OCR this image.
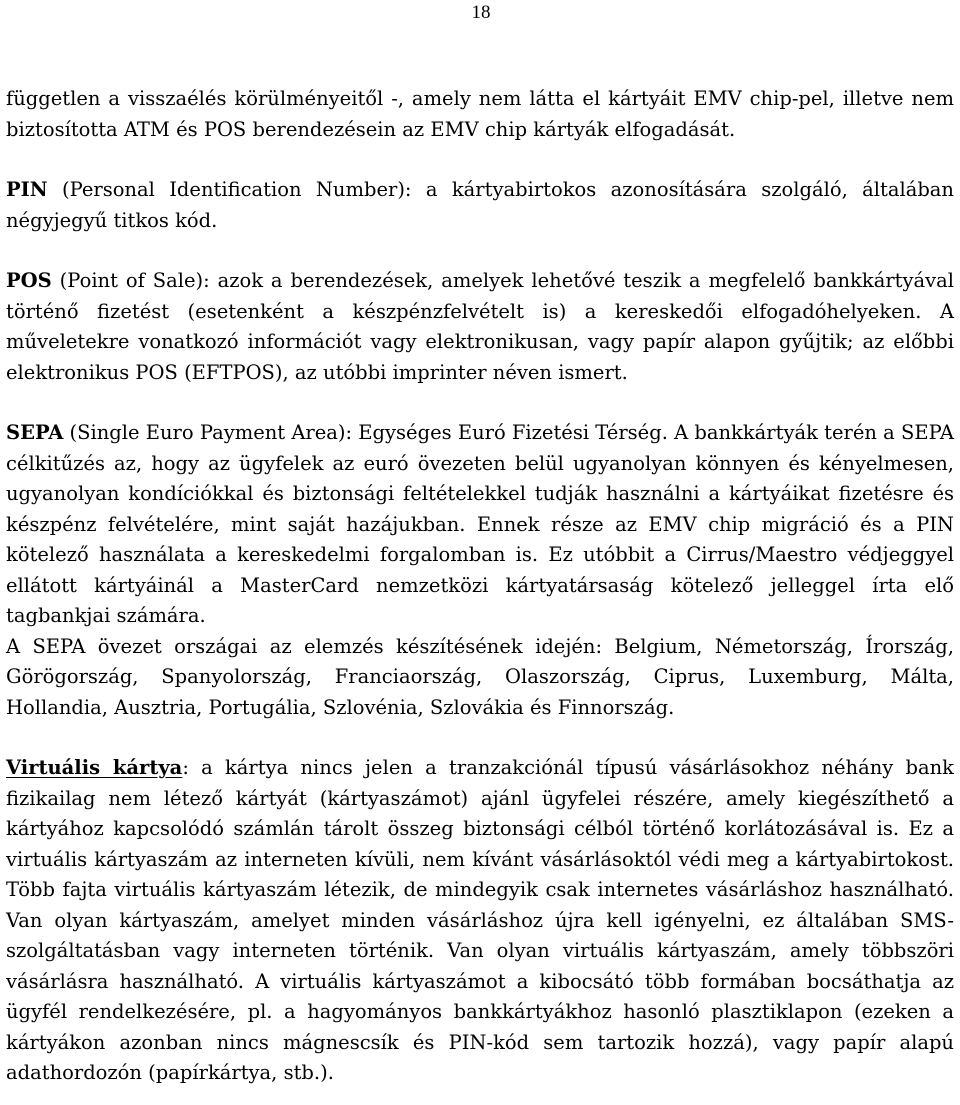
18

független a visszaélés körülményeitől -, amely nem látta el kártyáit EMV chip-pel, illetve nem biztosította ATM és POS berendezésein az EMV chip kártyák elfogadását.

PIN (Personal Identification Number): a kártyabirtokos azonosítására szolgáló, általában négyjegyű titkos kód.

POS (Point of Sale): azok a berendezések, amelyek lehetővé teszik a megfelelő bankkártyával történő fizetést (esetenként a készpénzfelvételt is) a kereskedői elfogadóhelyeken. A műveletekre vonatkozó információt vagy elektronikusan, vagy papír alapon gyűjtik; az előbbi elektronikus POS (EFTPOS), az utóbbi imprinter néven ismert.

SEPA (Single Euro Payment Area): Egységes Euró Fizetési Térség. A bankkártyák terén a SEPA célkitűzés az, hogy az ügyfelek az euró övezeten belül ugyanolyan könnyen és kényelmesen, ugyanolyan kondíciókkal és biztonsági feltételekkel tudják használni a kártyáikat fizetésre és készpénz felvételére, mint saját hazájukban. Ennek része az EMV chip migráció és a PIN kötelező használata a kereskedelmi forgalomban is. Ez utóbbit a Cirrus/Maestro védjeggyel ellátott kártyáinál a MasterCard nemzetközi kártyatársaság kötelező jelleggel írta elő tagbankjai számára.

A SEPA övezet országai az elemzés készítésének idején: Belgium, Németország, Írország, Görögország, Spanyolország, Franciaország, Olaszország, Ciprus, Luxemburg, Málta, Hollandia, Ausztria, Portugália, Szlovénia, Szlovákia és Finnország.

Virtuális kártya: a kártya nincs jelen a tranzakciónál típusú vásárlásokhoz néhány bank fizikailag nem létező kártyát (kártyaszámot) ajánl ügyfelei részére, amely kiegészíthető a kártyához kapcsolódó számlán tárolt összeg biztonsági célból történő korlátozásával is. Ez a virtuális kártyaszám az interneten kívüli, nem kívánt vásárlásoktól védi meg a kártyabirtokost. Több fajta virtuális kártyaszám létezik, de mindegyik csak internetes vásárláshoz használható. Van olyan kártyaszám, amelyet minden vásárláshoz újra kell igényelni, ez általában SMS-szolgáltatásban vagy interneten történik. Van olyan virtuális kártyaszám, amely többszöri vásárlásra használható. A virtuális kártyaszámot a kibocsátó több formában bocsáthatja az ügyfél rendelkezésére, pl. a hagyományos bankkártyákhoz hasonló plasztiklapon (ezeken a kártyákon azonban nincs mágnescsík és PIN-kód sem tartozik hozzá), vagy papír alapú adathordozón (papírkártya, stb.).
